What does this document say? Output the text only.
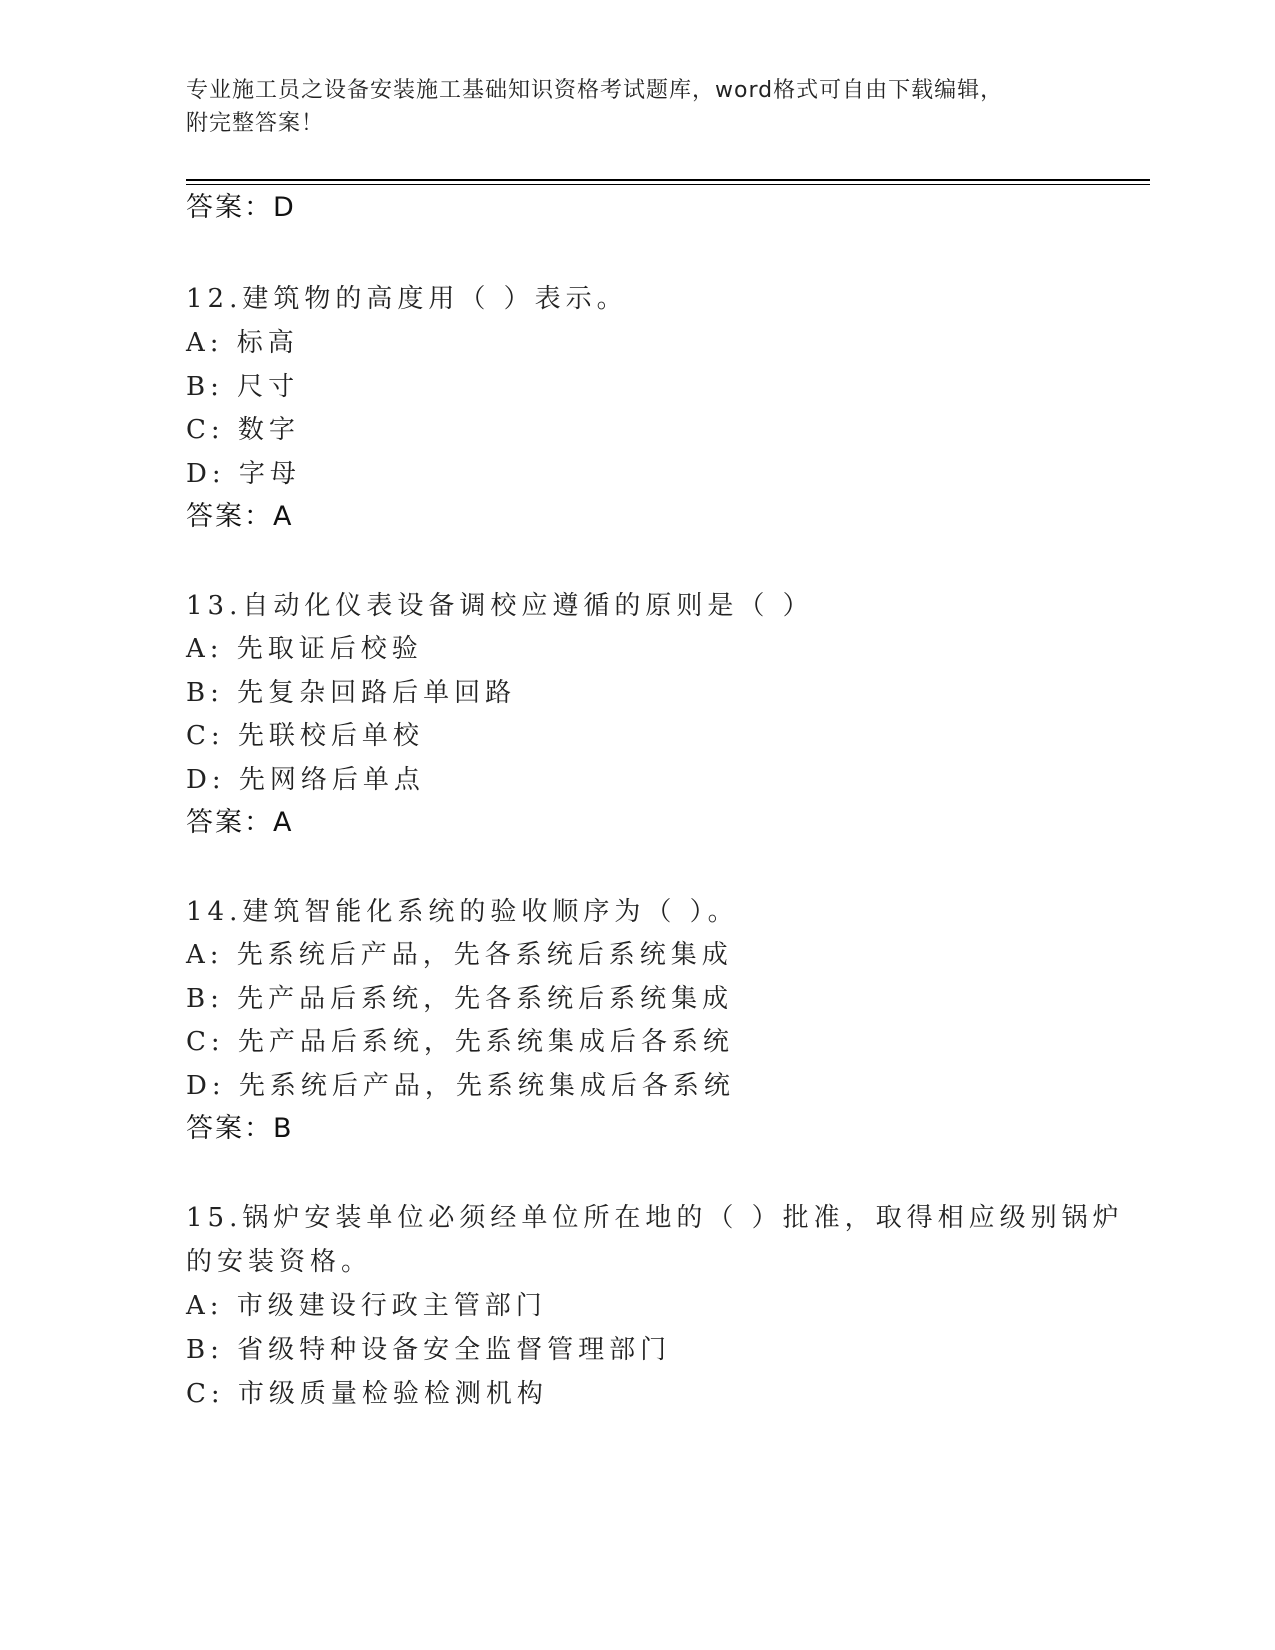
专业施工员之设备安装施工基础知识资格考试题库，word格式可自由下载编辑，
附完整答案！
答案：D
12.建筑物的高度用（ ）表示。
A: 标高
B: 尺寸
C: 数字
D: 字母
答案：A
13.自动化仪表设备调校应遵循的原则是（ ）
A: 先取证后校验
B: 先复杂回路后单回路
C: 先联校后单校
D: 先网络后单点
答案：A
14.建筑智能化系统的验收顺序为（ ）。
A: 先系统后产品，先各系统后系统集成
B: 先产品后系统，先各系统后系统集成
C: 先产品后系统，先系统集成后各系统
D: 先系统后产品，先系统集成后各系统
答案：B
15.锅炉安装单位必须经单位所在地的（ ）批准，取得相应级别锅炉
的安装资格。
A: 市级建设行政主管部门
B: 省级特种设备安全监督管理部门
C: 市级质量检验检测机构
